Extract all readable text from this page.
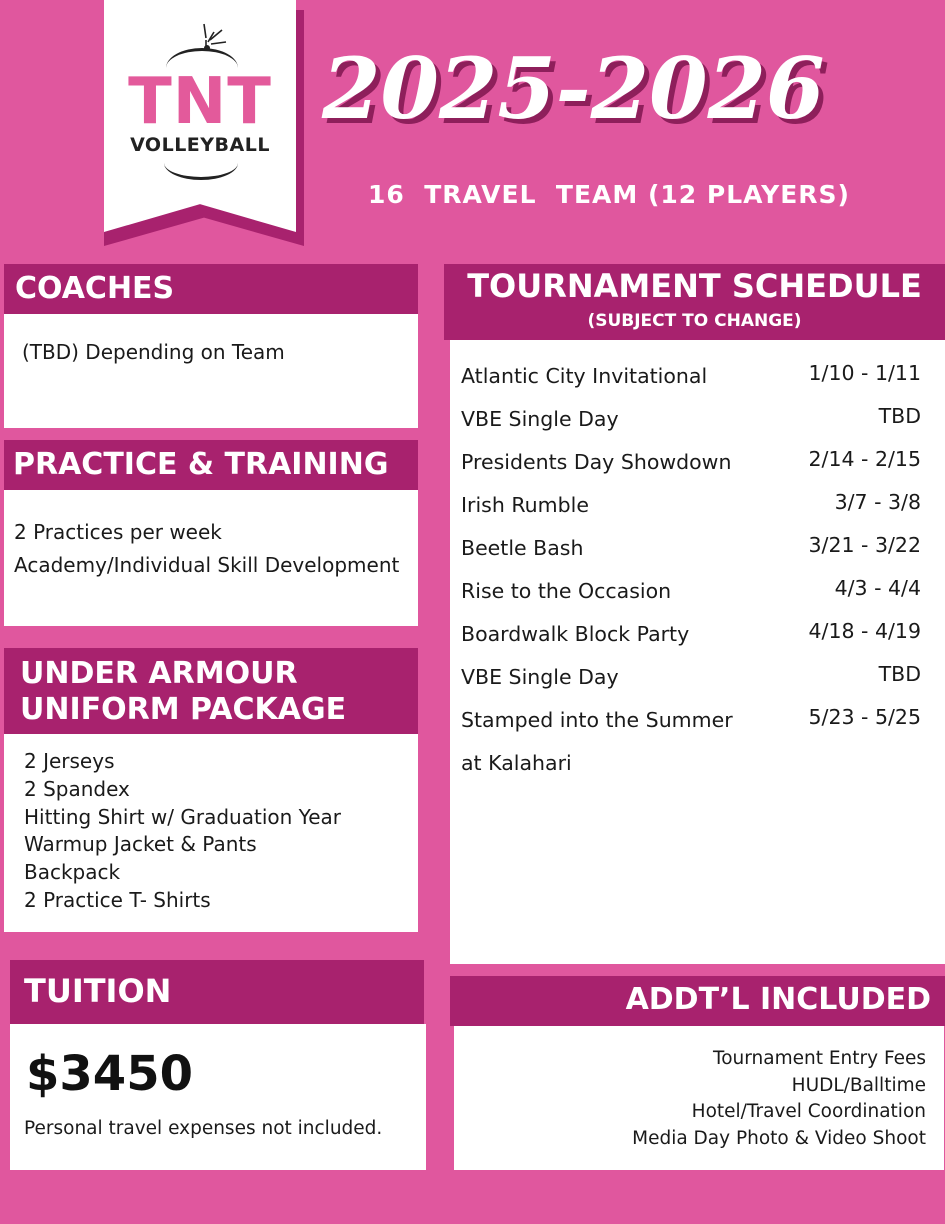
TNT
VOLLEYBALL
2025-2026
16  TRAVEL  TEAM (12 PLAYERS)
COACHES
(TBD) Depending on Team
PRACTICE & TRAINING
2 Practices per week
Academy/Individual Skill Development
UNDER ARMOUR
UNIFORM PACKAGE
2 Jerseys
2 Spandex
Hitting Shirt w/ Graduation Year
Warmup Jacket & Pants
Backpack
2 Practice T- Shirts
TUITION
$3450
Personal travel expenses not included.
TOURNAMENT SCHEDULE
(SUBJECT TO CHANGE)
Atlantic City Invitational	1/10 - 1/11
VBE Single Day	TBD
Presidents Day Showdown	2/14 - 2/15
Irish Rumble	3/7 - 3/8
Beetle Bash	3/21 - 3/22
Rise to the Occasion	4/3 - 4/4
Boardwalk Block Party	4/18 - 4/19
VBE Single Day	TBD
Stamped into the Summer	5/23 - 5/25
at Kalahari
ADDT’L INCLUDED
Tournament Entry Fees
HUDL/Balltime
Hotel/Travel Coordination
Media Day Photo & Video Shoot
